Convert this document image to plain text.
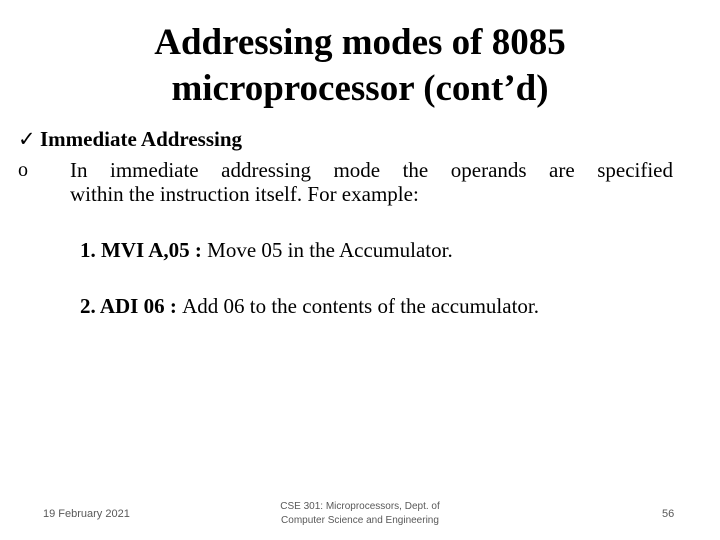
Addressing modes of 8085
microprocessor (cont’d)
✓ Immediate Addressing
o In immediate addressing mode the operands are specified
within the instruction itself. For example:
1. MVI A,05 : Move 05 in the Accumulator.
2. ADI 06 : Add 06 to the contents of the accumulator.
19 February 2021
CSE 301: Microprocessors, Dept. of
Computer Science and Engineering
56
